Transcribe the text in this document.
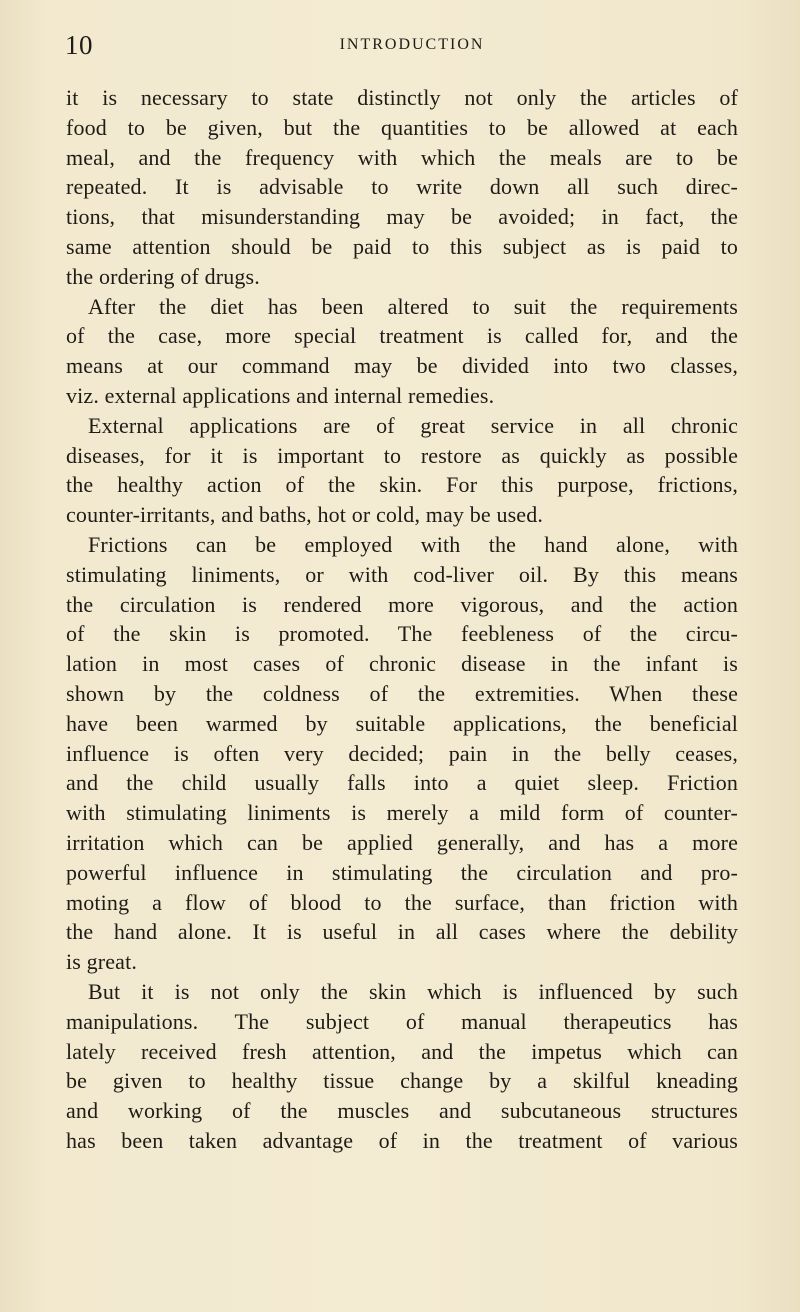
10	INTRODUCTION
it is necessary to state distinctly not only the articles of
food to be given, but the quantities to be allowed at each
meal, and the frequency with which the meals are to be
repeated. It is advisable to write down all such direc-
tions, that misunderstanding may be avoided; in fact, the
same attention should be paid to this subject as is paid to
the ordering of drugs.
After the diet has been altered to suit the requirements
of the case, more special treatment is called for, and the
means at our command may be divided into two classes,
viz. external applications and internal remedies.
External applications are of great service in all chronic
diseases, for it is important to restore as quickly as possible
the healthy action of the skin. For this purpose, frictions,
counter-irritants, and baths, hot or cold, may be used.
Frictions can be employed with the hand alone, with
stimulating liniments, or with cod-liver oil. By this means
the circulation is rendered more vigorous, and the action
of the skin is promoted. The feebleness of the circu-
lation in most cases of chronic disease in the infant is
shown by the coldness of the extremities. When these
have been warmed by suitable applications, the beneficial
influence is often very decided; pain in the belly ceases,
and the child usually falls into a quiet sleep. Friction
with stimulating liniments is merely a mild form of counter-
irritation which can be applied generally, and has a more
powerful influence in stimulating the circulation and pro-
moting a flow of blood to the surface, than friction with
the hand alone. It is useful in all cases where the debility
is great.
But it is not only the skin which is influenced by such
manipulations. The subject of manual therapeutics has
lately received fresh attention, and the impetus which can
be given to healthy tissue change by a skilful kneading
and working of the muscles and subcutaneous structures
has been taken advantage of in the treatment of various
